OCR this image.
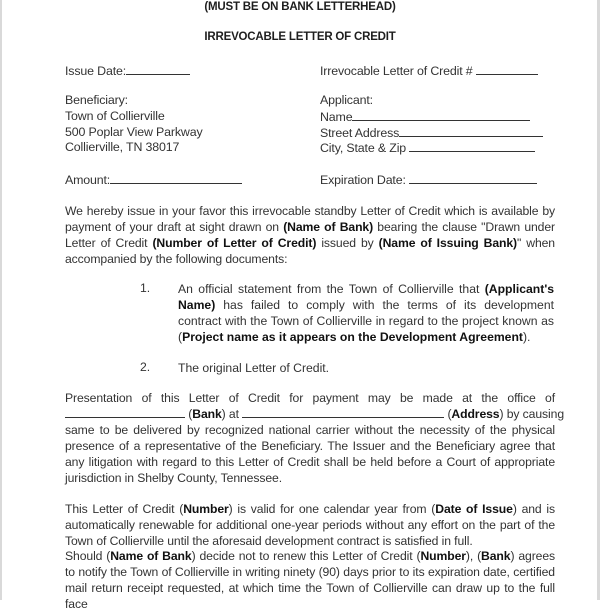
(MUST BE ON BANK LETTERHEAD)
IRREVOCABLE LETTER OF CREDIT
Issue Date:
Beneficiary:
Town of Collierville
500 Poplar View Parkway
Collierville, TN 38017
Amount:
Irrevocable Letter of Credit #
Applicant:
Name
Street Address
City, State & Zip
Expiration Date:
We hereby issue in your favor this irrevocable standby Letter of Credit which is available by payment of your draft at sight drawn on (Name of Bank) bearing the clause "Drawn under Letter of Credit (Number of Letter of Credit) issued by (Name of Issuing Bank)" when accompanied by the following documents:
1. An official statement from the Town of Collierville that (Applicant's Name) has failed to comply with the terms of its development contract with the Town of Collierville in regard to the project known as (Project name as it appears on the Development Agreement).
2. The original Letter of Credit.
Presentation of this Letter of Credit for payment may be made at the office of
(Bank) at	(Address) by causing
same to be delivered by recognized national carrier without the necessity of the physical presence of a representative of the Beneficiary. The Issuer and the Beneficiary agree that any litigation with regard to this Letter of Credit shall be held before a Court of appropriate jurisdiction in Shelby County, Tennessee.
This Letter of Credit (Number) is valid for one calendar year from (Date of Issue) and is automatically renewable for additional one-year periods without any effort on the part of the Town of Collierville until the aforesaid development contract is satisfied in full.
Should (Name of Bank) decide not to renew this Letter of Credit (Number), (Bank) agrees to notify the Town of Collierville in writing ninety (90) days prior to its expiration date, certified mail return receipt requested, at which time the Town of Collierville can draw up to the full face
